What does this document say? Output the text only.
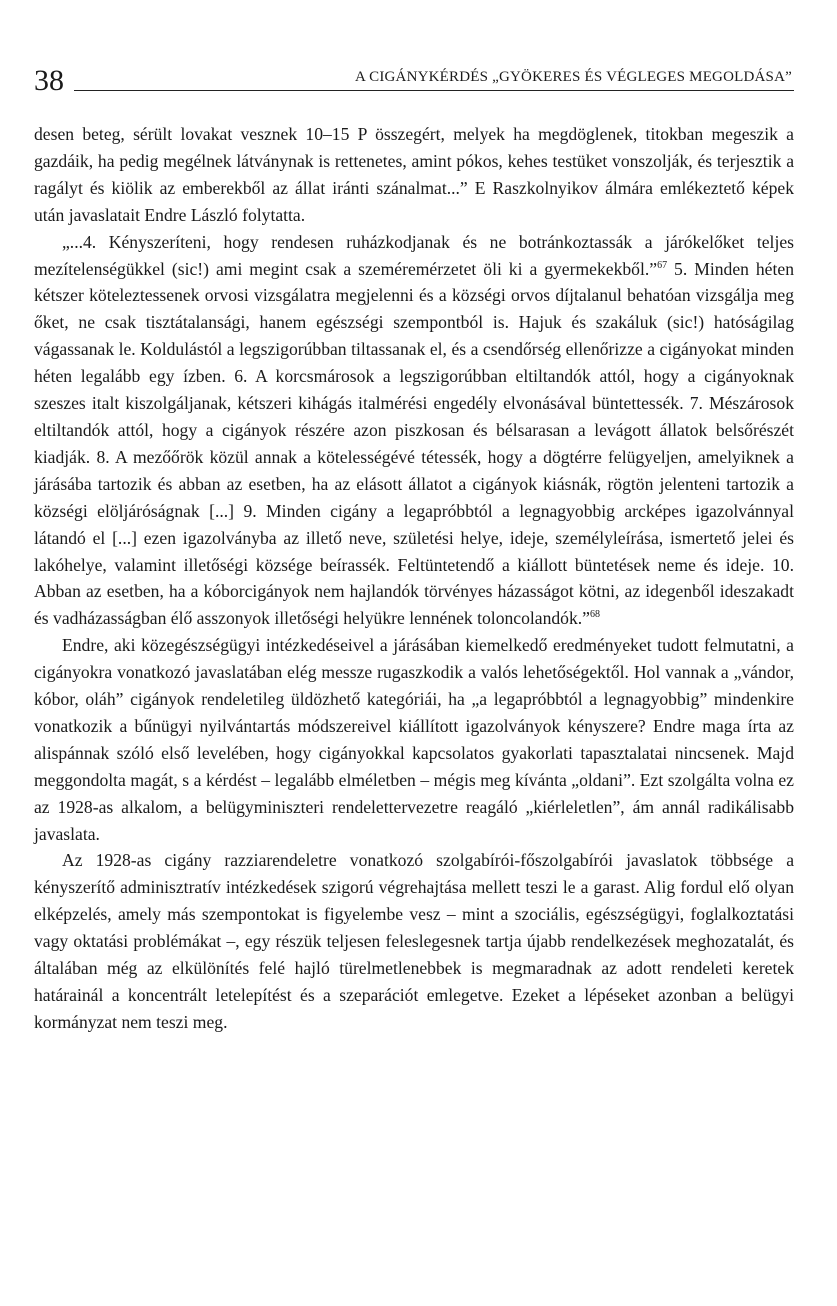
38	A CIGÁNYKÉRDÉS „GYÖKERES ÉS VÉGLEGES MEGOLDÁSA”

desen beteg, sérült lovakat vesznek 10–15 P összegért, melyek ha megdöglenek, titokban megeszik a gazdáik, ha pedig megélnek látványnak is rettenetes, amint pókos, kehes testüket vonszolják, és terjesztik a ragályt és kiölik az emberekből az állat iránti szánalmat...” E Raszkolnyikov álmára emlékeztető képek után javaslatait Endre László folytatta.

„...4. Kényszeríteni, hogy rendesen ruházkodjanak és ne botránkoztassák a járókelőket teljes mezítelenségükkel (sic!) ami megint csak a szeméremérzetet öli ki a gyermekekből.”$^{67}$ 5. Minden héten kétszer köteleztessenek orvosi vizsgálatra megjelenni és a községi orvos díjtalanul behatóan vizsgálja meg őket, ne csak tisztátalansági, hanem egészségi szempontból is. Hajuk és szakáluk (sic!) hatóságilag vágassanak le. Koldulástól a legszigorúbban tiltassanak el, és a csendőrség ellenőrizze a cigányokat minden héten legalább egy ízben. 6. A korcsmárosok a legszigorúbban eltiltandók attól, hogy a cigányoknak szeszes italt kiszolgáljanak, kétszeri kihágás italmérési engedély elvonásával büntettessék. 7. Mészárosok eltiltandók attól, hogy a cigányok részére azon piszkosan és bélsarasan a levágott állatok belsőrészét kiadják. 8. A mezőőrök közül annak a kötelességévé tétessék, hogy a dögtérre felügyeljen, amelyiknek a járásába tartozik és abban az esetben, ha az elásott állatot a cigányok kiásnák, rögtön jelenteni tartozik a községi elöljáróságnak [...] 9. Minden cigány a legapróbbtól a legnagyobbig arcképes igazolvánnyal látandó el [...] ezen igazolványba az illető neve, születési helye, ideje, személyleírása, ismertető jelei és lakóhelye, valamint illetőségi községe beírassék. Feltüntetendő a kiállott büntetések neme és ideje. 10. Abban az esetben, ha a kóborcigányok nem hajlandók törvényes házasságot kötni, az idegenből ideszakadt és vadházasságban élő asszonyok illetőségi helyükre lennének toloncolandók.”$^{68}$

Endre, aki közegészségügyi intézkedéseivel a járásában kiemelkedő eredményeket tudott felmutatni, a cigányokra vonatkozó javaslatában elég messze rugaszkodik a valós lehetőségektől. Hol vannak a „vándor, kóbor, oláh” cigányok rendeletileg üldözhető kategóriái, ha „a legapróbbtól a legnagyobbig” mindenkire vonatkozik a bűnügyi nyilvántartás módszereivel kiállított igazolványok kényszere? Endre maga írta az alispánnak szóló első levelében, hogy cigányokkal kapcsolatos gyakorlati tapasztalatai nincsenek. Majd meggondolta magát, s a kérdést – legalább elméletben – mégis meg kívánta „oldani”. Ezt szolgálta volna ez az 1928-as alkalom, a belügyminiszteri rendelettervezetre reagáló „kiérleletlen”, ám annál radikálisabb javaslata.

Az 1928-as cigány razziarendeletre vonatkozó szolgabírói-főszolgabírói javaslatok többsége a kényszerítő adminisztratív intézkedések szigorú végrehajtása mellett teszi le a garast. Alig fordul elő olyan elképzelés, amely más szempontokat is figyelembe vesz – mint a szociális, egészségügyi, foglalkoztatási vagy oktatási problémákat –, egy részük teljesen feleslegesnek tartja újabb rendelkezések meghozatalát, és általában még az elkülönítés felé hajló türelmetlenebbek is megmaradnak az adott rendeleti keretek határainál a koncentrált letelepítést és a szeparációt emlegetve. Ezeket a lépéseket azonban a belügyi kormányzat nem teszi meg.
